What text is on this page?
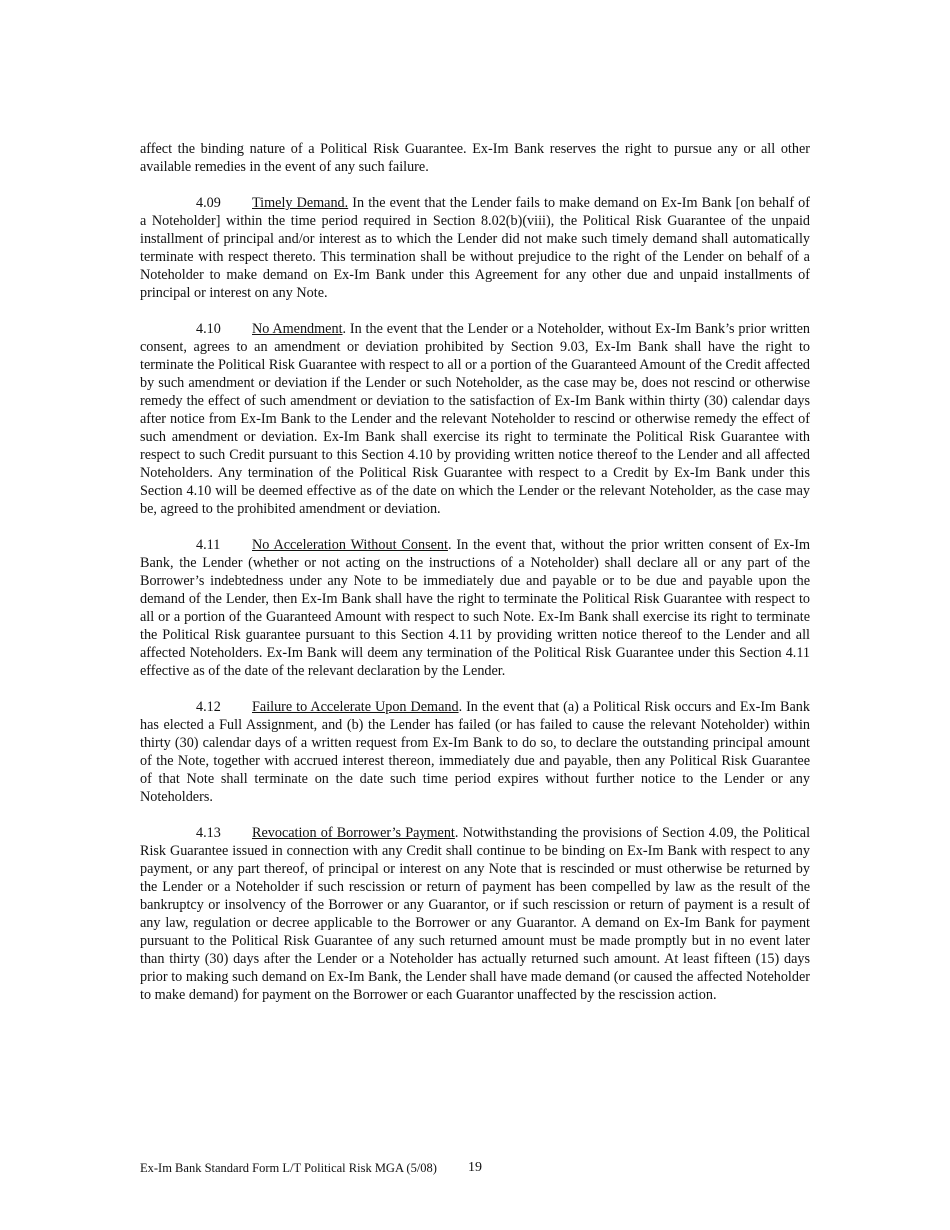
affect the binding nature of a Political Risk Guarantee. Ex-Im Bank reserves the right to pursue any or all other available remedies in the event of any such failure.

4.09 Timely Demand. In the event that the Lender fails to make demand on Ex-Im Bank [on behalf of a Noteholder] within the time period required in Section 8.02(b)(viii), the Political Risk Guarantee of the unpaid installment of principal and/or interest as to which the Lender did not make such timely demand shall automatically terminate with respect thereto. This termination shall be without prejudice to the right of the Lender on behalf of a Noteholder to make demand on Ex-Im Bank under this Agreement for any other due and unpaid installments of principal or interest on any Note.

4.10 No Amendment. In the event that the Lender or a Noteholder, without Ex-Im Bank’s prior written consent, agrees to an amendment or deviation prohibited by Section 9.03, Ex-Im Bank shall have the right to terminate the Political Risk Guarantee with respect to all or a portion of the Guaranteed Amount of the Credit affected by such amendment or deviation if the Lender or such Noteholder, as the case may be, does not rescind or otherwise remedy the effect of such amendment or deviation to the satisfaction of Ex-Im Bank within thirty (30) calendar days after notice from Ex-Im Bank to the Lender and the relevant Noteholder to rescind or otherwise remedy the effect of such amendment or deviation. Ex-Im Bank shall exercise its right to terminate the Political Risk Guarantee with respect to such Credit pursuant to this Section 4.10 by providing written notice thereof to the Lender and all affected Noteholders. Any termination of the Political Risk Guarantee with respect to a Credit by Ex-Im Bank under this Section 4.10 will be deemed effective as of the date on which the Lender or the relevant Noteholder, as the case may be, agreed to the prohibited amendment or deviation.

4.11 No Acceleration Without Consent. In the event that, without the prior written consent of Ex-Im Bank, the Lender (whether or not acting on the instructions of a Noteholder) shall declare all or any part of the Borrower’s indebtedness under any Note to be immediately due and payable or to be due and payable upon the demand of the Lender, then Ex-Im Bank shall have the right to terminate the Political Risk Guarantee with respect to all or a portion of the Guaranteed Amount with respect to such Note. Ex-Im Bank shall exercise its right to terminate the Political Risk guarantee pursuant to this Section 4.11 by providing written notice thereof to the Lender and all affected Noteholders. Ex-Im Bank will deem any termination of the Political Risk Guarantee under this Section 4.11 effective as of the date of the relevant declaration by the Lender.

4.12 Failure to Accelerate Upon Demand. In the event that (a) a Political Risk occurs and Ex-Im Bank has elected a Full Assignment, and (b) the Lender has failed (or has failed to cause the relevant Noteholder) within thirty (30) calendar days of a written request from Ex-Im Bank to do so, to declare the outstanding principal amount of the Note, together with accrued interest thereon, immediately due and payable, then any Political Risk Guarantee of that Note shall terminate on the date such time period expires without further notice to the Lender or any Noteholders.

4.13 Revocation of Borrower’s Payment. Notwithstanding the provisions of Section 4.09, the Political Risk Guarantee issued in connection with any Credit shall continue to be binding on Ex-Im Bank with respect to any payment, or any part thereof, of principal or interest on any Note that is rescinded or must otherwise be returned by the Lender or a Noteholder if such rescission or return of payment has been compelled by law as the result of the bankruptcy or insolvency of the Borrower or any Guarantor, or if such rescission or return of payment is a result of any law, regulation or decree applicable to the Borrower or any Guarantor. A demand on Ex-Im Bank for payment pursuant to the Political Risk Guarantee of any such returned amount must be made promptly but in no event later than thirty (30) days after the Lender or a Noteholder has actually returned such amount. At least fifteen (15) days prior to making such demand on Ex-Im Bank, the Lender shall have made demand (or caused the affected Noteholder to make demand) for payment on the Borrower or each Guarantor unaffected by the rescission action.

Ex-Im Bank Standard Form L/T Political Risk MGA (5/08) 19
